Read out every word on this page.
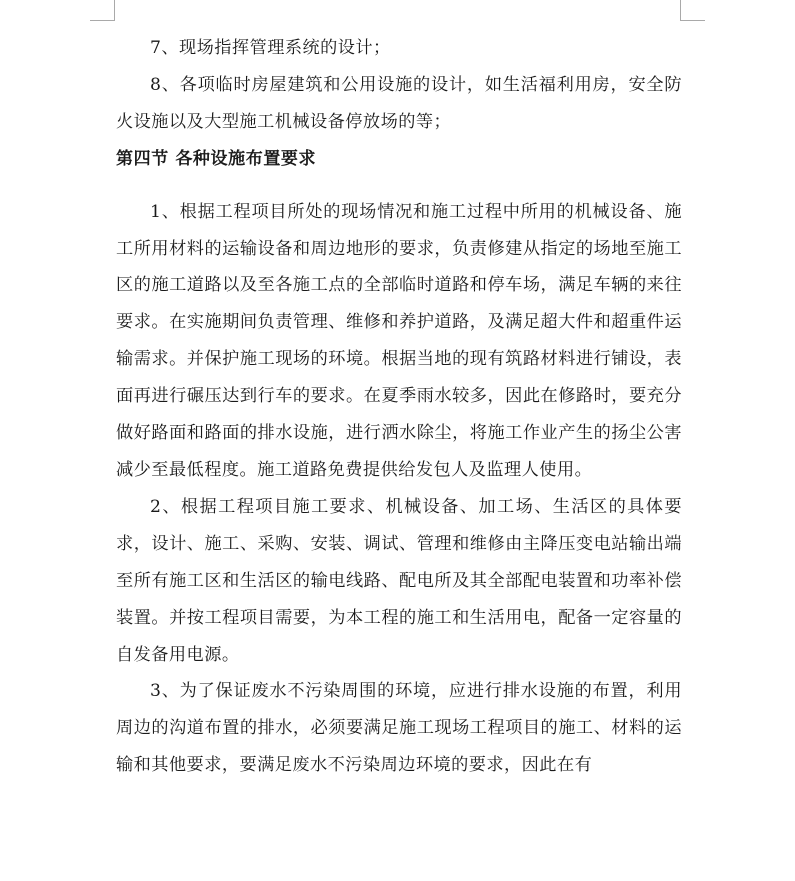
7、现场指挥管理系统的设计；

8、各项临时房屋建筑和公用设施的设计，如生活福利用房，安全防火设施以及大型施工机械设备停放场的等；

第四节 各种设施布置要求

1、根据工程项目所处的现场情况和施工过程中所用的机械设备、施工所用材料的运输设备和周边地形的要求，负责修建从指定的场地至施工区的施工道路以及至各施工点的全部临时道路和停车场，满足车辆的来往要求。在实施期间负责管理、维修和养护道路，及满足超大件和超重件运输需求。并保护施工现场的环境。根据当地的现有筑路材料进行铺设，表面再进行碾压达到行车的要求。在夏季雨水较多，因此在修路时，要充分做好路面和路面的排水设施，进行洒水除尘，将施工作业产生的扬尘公害减少至最低程度。施工道路免费提供给发包人及监理人使用。

2、根据工程项目施工要求、机械设备、加工场、生活区的具体要求，设计、施工、采购、安装、调试、管理和维修由主降压变电站输出端至所有施工区和生活区的输电线路、配电所及其全部配电装置和功率补偿装置。并按工程项目需要，为本工程的施工和生活用电，配备一定容量的自发备用电源。

3、为了保证废水不污染周围的环境，应进行排水设施的布置，利用周边的沟道布置的排水，必须要满足施工现场工程项目的施工、材料的运输和其他要求，要满足废水不污染周边环境的要求，因此在有
